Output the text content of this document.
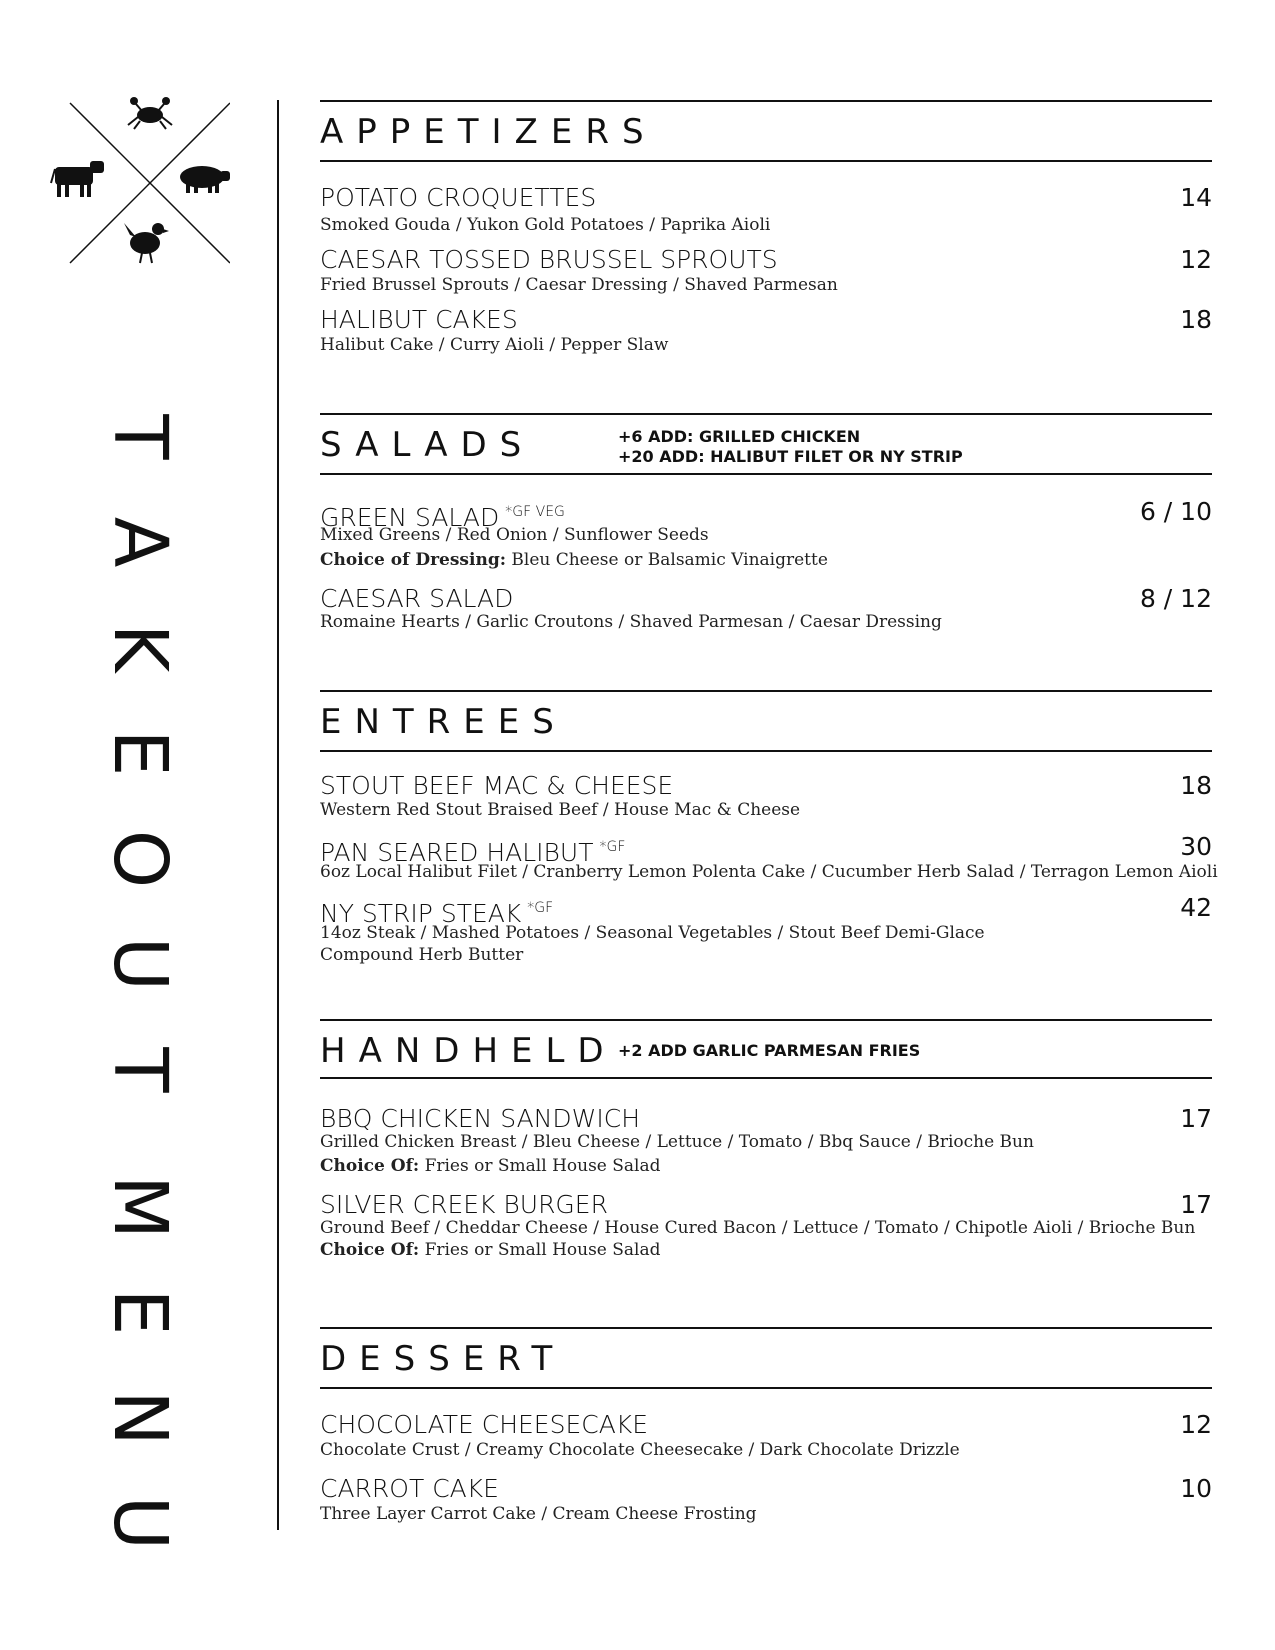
T
A
K
E
O
U
T
M
E
N
U
APPETIZERS
POTATO CROQUETTES	14
Smoked Gouda / Yukon Gold Potatoes / Paprika Aioli
CAESAR TOSSED BRUSSEL SPROUTS	12
Fried Brussel Sprouts / Caesar Dressing / Shaved Parmesan
HALIBUT CAKES	18
Halibut Cake / Curry Aioli / Pepper Slaw
SALADS	+6 ADD: GRILLED CHICKEN
+20 ADD: HALIBUT FILET OR NY STRIP
GREEN SALAD $^{*GF VEG}$	6 / 10
Mixed Greens / Red Onion / Sunflower Seeds
Choice of Dressing: Bleu Cheese or Balsamic Vinaigrette
CAESAR SALAD	8 / 12
Romaine Hearts / Garlic Croutons / Shaved Parmesan / Caesar Dressing
ENTREES
STOUT BEEF MAC & CHEESE	18
Western Red Stout Braised Beef / House Mac & Cheese
PAN SEARED HALIBUT $^{*GF}$	30
6oz Local Halibut Filet / Cranberry Lemon Polenta Cake / Cucumber Herb Salad / Terragon Lemon Aioli
NY STRIP STEAK $^{*GF}$	42
14oz Steak / Mashed Potatoes / Seasonal Vegetables / Stout Beef Demi-Glace
Compound Herb Butter
HANDHELD +2 ADD GARLIC PARMESAN FRIES
BBQ CHICKEN SANDWICH	17
Grilled Chicken Breast / Bleu Cheese / Lettuce / Tomato / Bbq Sauce / Brioche Bun
Choice Of: Fries or Small House Salad
SILVER CREEK BURGER	17
Ground Beef / Cheddar Cheese / House Cured Bacon / Lettuce / Tomato / Chipotle Aioli / Brioche Bun
Choice Of: Fries or Small House Salad
DESSERT
CHOCOLATE CHEESECAKE	12
Chocolate Crust / Creamy Chocolate Cheesecake / Dark Chocolate Drizzle
CARROT CAKE	10
Three Layer Carrot Cake / Cream Cheese Frosting
